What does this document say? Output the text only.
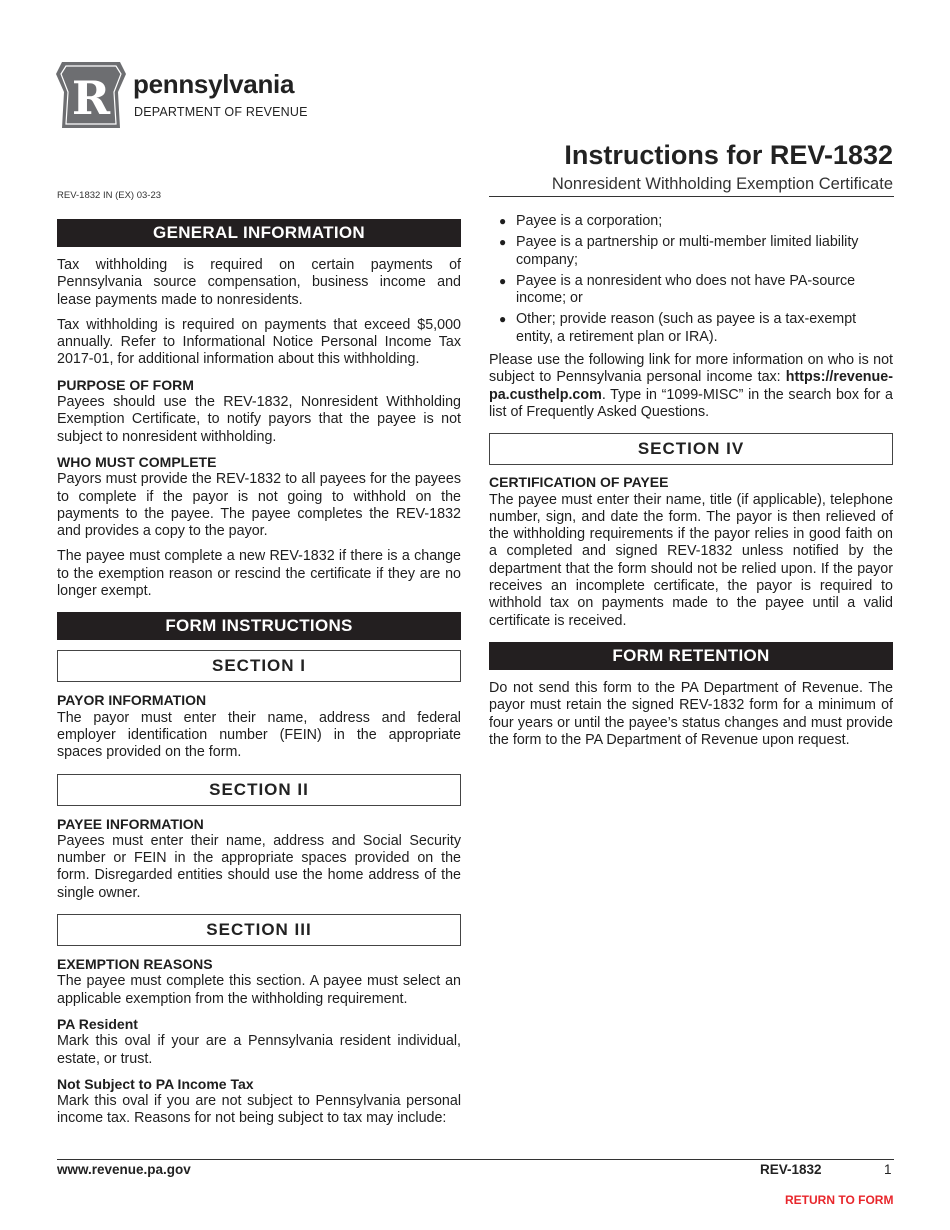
R pennsylvania
DEPARTMENT OF REVENUE
Instructions for REV-1832
Nonresident Withholding Exemption Certificate
REV-1832 IN (EX) 03-23
GENERAL INFORMATION

Tax withholding is required on certain payments of Pennsylvania source compensation, business income and lease payments made to nonresidents.

Tax withholding is required on payments that exceed $5,000 annually. Refer to Informational Notice Personal Income Tax 2017-01, for additional information about this withholding.

PURPOSE OF FORM

Payees should use the REV-1832, Nonresident Withholding Exemption Certificate, to notify payors that the payee is not subject to nonresident withholding.

WHO MUST COMPLETE

Payors must provide the REV-1832 to all payees for the payees to complete if the payor is not going to withhold on the payments to the payee. The payee completes the REV-1832 and provides a copy to the payor.

The payee must complete a new REV-1832 if there is a change to the exemption reason or rescind the certificate if they are no longer exempt.

FORM INSTRUCTIONS
SECTION I
PAYOR INFORMATION

The payor must enter their name, address and federal employer identification number (FEIN) in the appropriate spaces provided on the form.

SECTION II
PAYEE INFORMATION

Payees must enter their name, address and Social Security number or FEIN in the appropriate spaces provided on the form. Disregarded entities should use the home address of the single owner.

SECTION III
EXEMPTION REASONS

The payee must complete this section. A payee must select an applicable exemption from the withholding requirement.

PA Resident

Mark this oval if your are a Pennsylvania resident individual, estate, or trust.

Not Subject to PA Income Tax

Mark this oval if you are not subject to Pennsylvania personal income tax. Reasons for not being subject to tax may include:

● Payee is a corporation;
● Payee is a partnership or multi-member limited liability company;
● Payee is a nonresident who does not have PA-source income; or
● Other; provide reason (such as payee is a tax-exempt entity, a retirement plan or IRA).

Please use the following link for more information on who is not subject to Pennsylvania personal income tax: https://revenue-pa.custhelp.com. Type in “1099-MISC” in the search box for a list of Frequently Asked Questions.

SECTION IV
CERTIFICATION OF PAYEE

The payee must enter their name, title (if applicable), telephone number, sign, and date the form. The payor is then relieved of the withholding requirements if the payor relies in good faith on a completed and signed REV-1832 unless notified by the department that the form should not be relied upon. If the payor receives an incomplete certificate, the payor is required to withhold tax on payments made to the payee until a valid certificate is received.

FORM RETENTION

Do not send this form to the PA Department of Revenue. The payor must retain the signed REV-1832 form for a minimum of four years or until the payee’s status changes and must provide the form to the PA Department of Revenue upon request.

www.revenue.pa.gov	REV-1832	1
RETURN TO FORM
